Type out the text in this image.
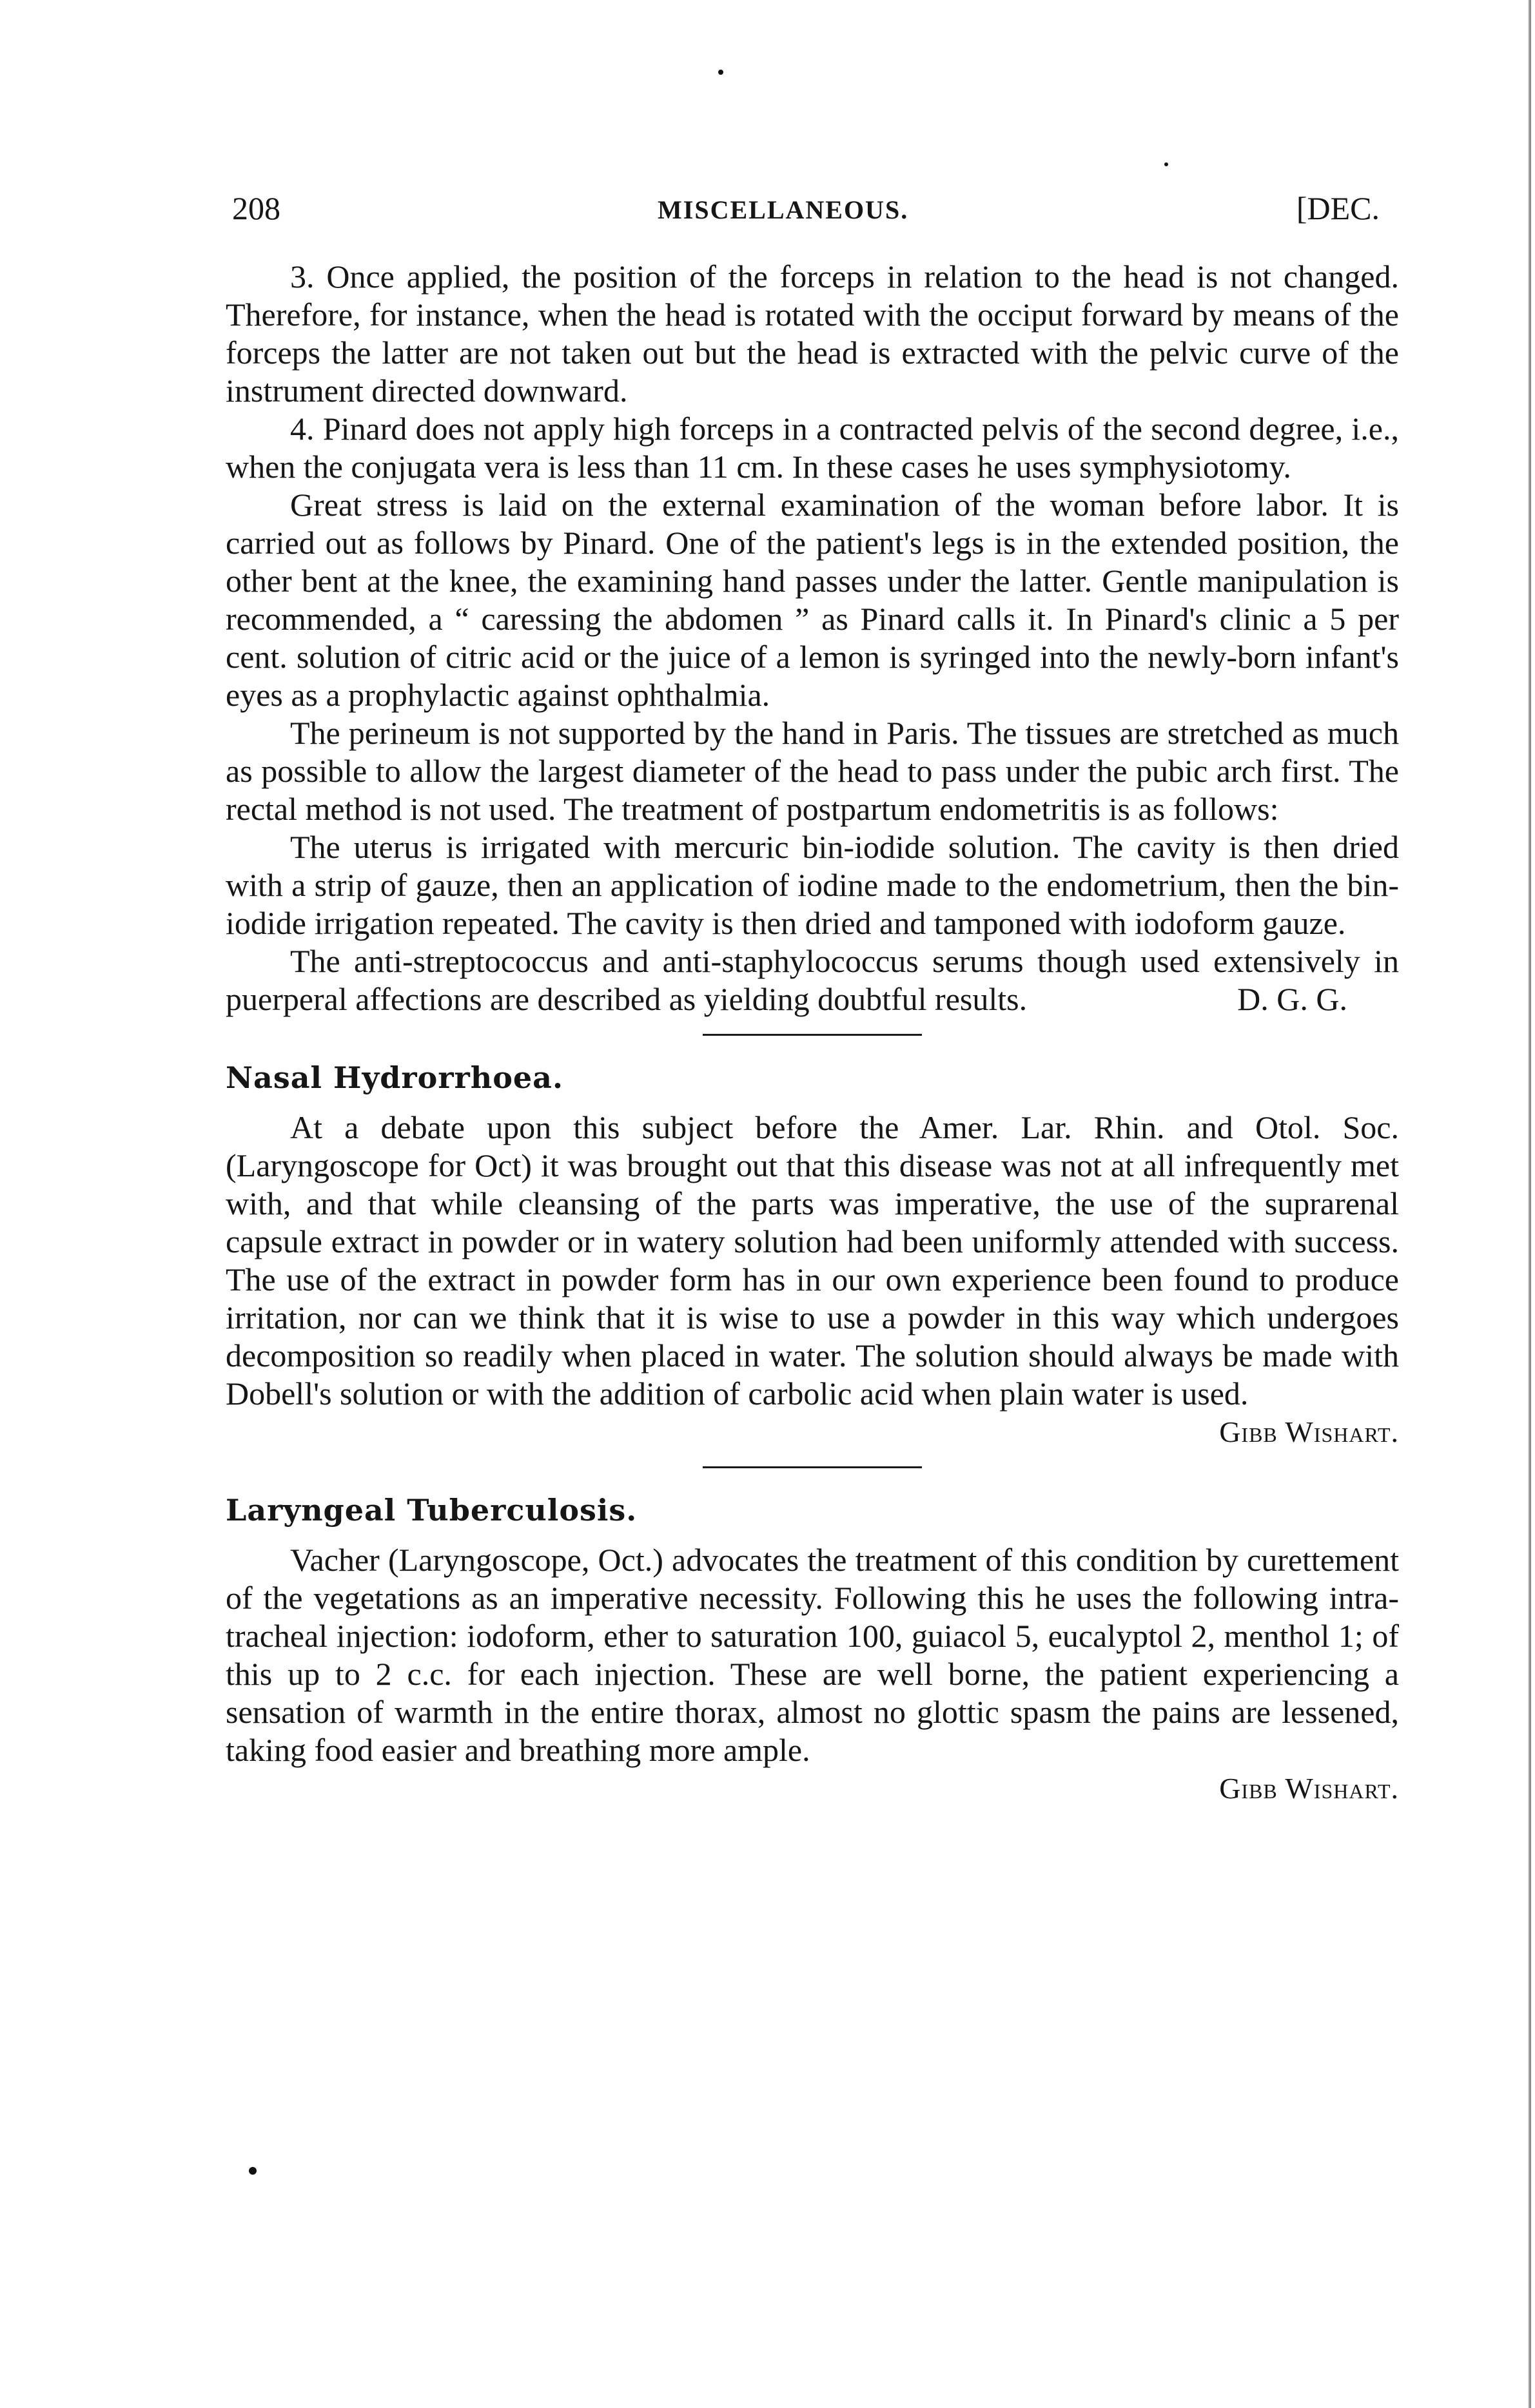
208	MISCELLANEOUS.	[DEC.

3. Once applied, the position of the forceps in relation to the head is not changed. Therefore, for instance, when the head is rotated with the occiput forward by means of the forceps the latter are not taken out but the head is extracted with the pelvic curve of the instrument directed downward.

4. Pinard does not apply high forceps in a contracted pelvis of the second degree, i.e., when the conjugata vera is less than 11 cm. In these cases he uses symphysiotomy.

Great stress is laid on the external examination of the woman before labor. It is carried out as follows by Pinard. One of the patient's legs is in the extended position, the other bent at the knee, the examining hand passes under the latter. Gentle manipulation is recommended, a “ caressing the abdomen ” as Pinard calls it. In Pinard's clinic a 5 per cent. solution of citric acid or the juice of a lemon is syringed into the newly-born infant's eyes as a prophylactic against ophthalmia.

The perineum is not supported by the hand in Paris. The tissues are stretched as much as possible to allow the largest diameter of the head to pass under the pubic arch first. The rectal method is not used. The treatment of postpartum endometritis is as follows:

The uterus is irrigated with mercuric bin-iodide solution. The cavity is then dried with a strip of gauze, then an application of iodine made to the endometrium, then the bin-iodide irrigation repeated. The cavity is then dried and tamponed with iodoform gauze.

The anti-streptococcus and anti-staphylococcus serums though used extensively in puerperal affections are described as yielding doubtful results.	D. G. G.

Nasal Hydrorrhoea.

At a debate upon this subject before the Amer. Lar. Rhin. and Otol. Soc. (Laryngoscope for Oct) it was brought out that this disease was not at all infrequently met with, and that while cleansing of the parts was imperative, the use of the suprarenal capsule extract in powder or in watery solution had been uniformly attended with success. The use of the extract in powder form has in our own experience been found to produce irritation, nor can we think that it is wise to use a powder in this way which undergoes decomposition so readily when placed in water. The solution should always be made with Dobell's solution or with the addition of carbolic acid when plain water is used.

Gibb Wishart.

Laryngeal Tuberculosis.

Vacher (Laryngoscope, Oct.) advocates the treatment of this condition by curettement of the vegetations as an imperative necessity. Following this he uses the following intra-tracheal injection: iodoform, ether to saturation 100, guiacol 5, eucalyptol 2, menthol 1; of this up to 2 c.c. for each injection. These are well borne, the patient experiencing a sensation of warmth in the entire thorax, almost no glottic spasm the pains are lessened, taking food easier and breathing more ample.

Gibb Wishart.
